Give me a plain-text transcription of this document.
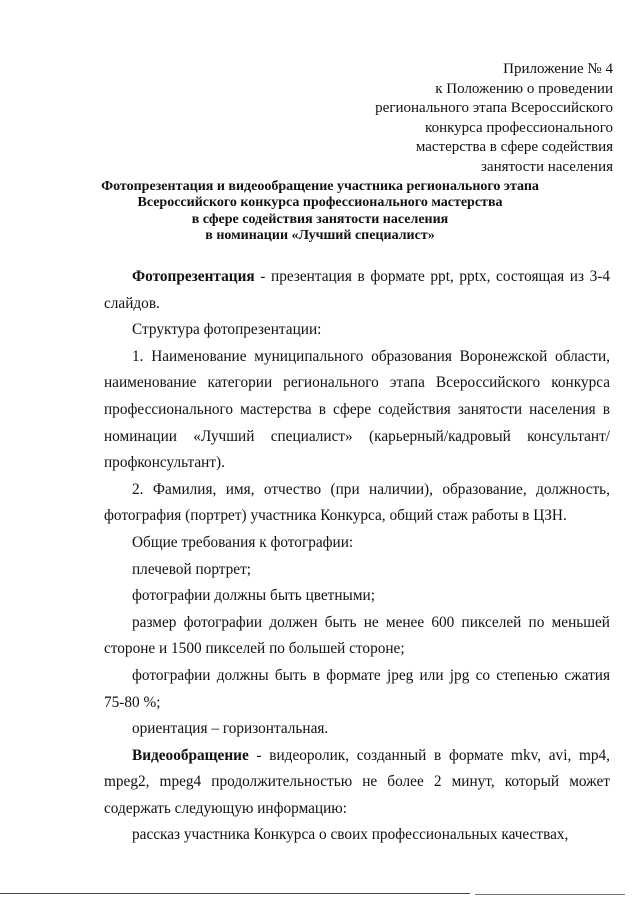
Приложение № 4
к Положению о проведении
регионального этапа Всероссийского
конкурса профессионального
мастерства в сфере содействия
занятости населения
Фотопрезентация и видеообращение участника регионального этапа
Всероссийского конкурса профессионального мастерства
в сфере содействия занятости населения
в номинации «Лучший специалист»

Фотопрезентация - презентация в формате ppt, pptx, состоящая из 3-4 слайдов.

Структура фотопрезентации:

1. Наименование муниципального образования Воронежской области, наименование категории регионального этапа Всероссийского конкурса профессионального мастерства в сфере содействия занятости населения в номинации «Лучший специалист» (карьерный/кадровый консультант/профконсультант).

2. Фамилия, имя, отчество (при наличии), образование, должность, фотография (портрет) участника Конкурса, общий стаж работы в ЦЗН.

Общие требования к фотографии:

плечевой портрет;

фотографии должны быть цветными;

размер фотографии должен быть не менее 600 пикселей по меньшей стороне и 1500 пикселей по большей стороне;

фотографии должны быть в формате jpeg или jpg со степенью сжатия 75-80 %;

ориентация – горизонтальная.

Видеообращение - видеоролик, созданный в формате mkv, avi, mp4, mpeg2, mpeg4 продолжительностью не более 2 минут, который может содержать следующую информацию:

рассказ участника Конкурса о своих профессиональных качествах,
